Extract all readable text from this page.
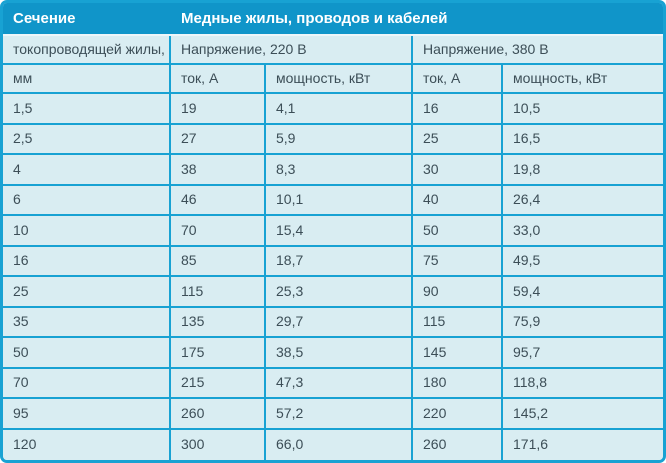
Сечение	Медные жилы, проводов и кабелей			
токопроводящей жилы,	Напряжение, 220 В		Напряжение, 380 В	
мм	ток, А	мощность, кВт	ток, А	мощность, кВт
1,5	19	4,1	16	10,5
2,5	27	5,9	25	16,5
4	38	8,3	30	19,8
6	46	10,1	40	26,4
10	70	15,4	50	33,0
16	85	18,7	75	49,5
25	115	25,3	90	59,4
35	135	29,7	115	75,9
50	175	38,5	145	95,7
70	215	47,3	180	118,8
95	260	57,2	220	145,2
120	300	66,0	260	171,6
